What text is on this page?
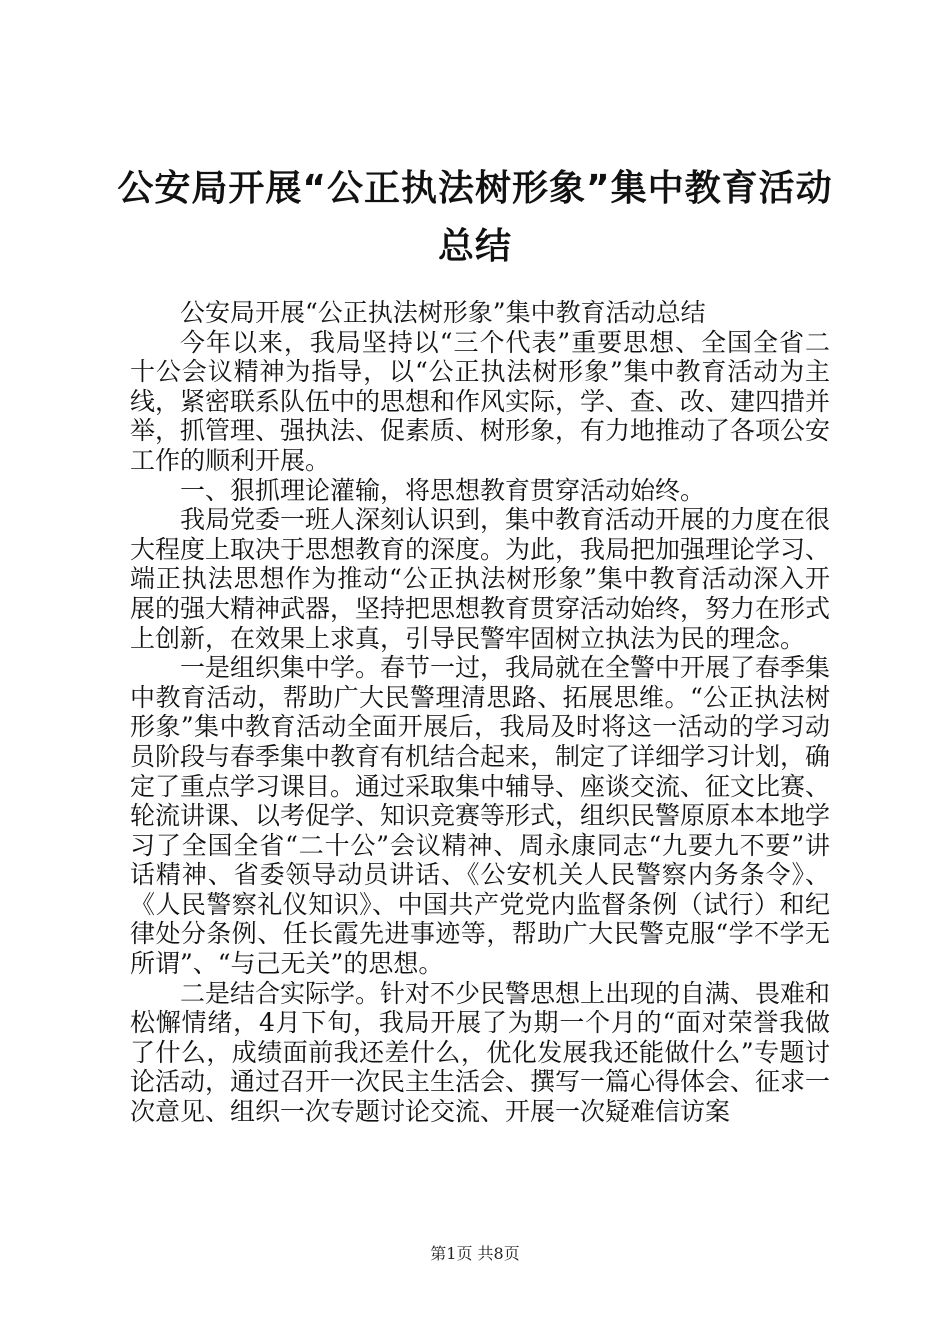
公安局开展“公正执法树形象”集中教育活动
总结

公安局开展“公正执法树形象”集中教育活动总结

今年以来，我局坚持以“三个代表”重要思想、全国全省二十公会议精神为指导，以“公正执法树形象”集中教育活动为主线，紧密联系队伍中的思想和作风实际，学、查、改、建四措并举，抓管理、强执法、促素质、树形象，有力地推动了各项公安工作的顺利开展。

一、狠抓理论灌输，将思想教育贯穿活动始终。

我局党委一班人深刻认识到，集中教育活动开展的力度在很大程度上取决于思想教育的深度。为此，我局把加强理论学习、端正执法思想作为推动“公正执法树形象”集中教育活动深入开展的强大精神武器，坚持把思想教育贯穿活动始终，努力在形式上创新，在效果上求真，引导民警牢固树立执法为民的理念。

一是组织集中学。春节一过，我局就在全警中开展了春季集中教育活动，帮助广大民警理清思路、拓展思维。“公正执法树形象”集中教育活动全面开展后，我局及时将这一活动的学习动员阶段与春季集中教育有机结合起来，制定了详细学习计划，确定了重点学习课目。通过采取集中辅导、座谈交流、征文比赛、轮流讲课、以考促学、知识竞赛等形式，组织民警原原本本地学习了全国全省“二十公”会议精神、周永康同志“九要九不要”讲话精神、省委领导动员讲话、《公安机关人民警察内务条令》、《人民警察礼仪知识》、中国共产党党内监督条例（试行）和纪律处分条例、任长霞先进事迹等，帮助广大民警克服“学不学无所谓”、“与己无关”的思想。

二是结合实际学。针对不少民警思想上出现的自满、畏难和松懈情绪，4月下旬，我局开展了为期一个月的“面对荣誉我做了什么，成绩面前我还差什么，优化发展我还能做什么”专题讨论活动，通过召开一次民主生活会、撰写一篇心得体会、征求一次意见、组织一次专题讨论交流、开展一次疑难信访案

第1页 共8页
